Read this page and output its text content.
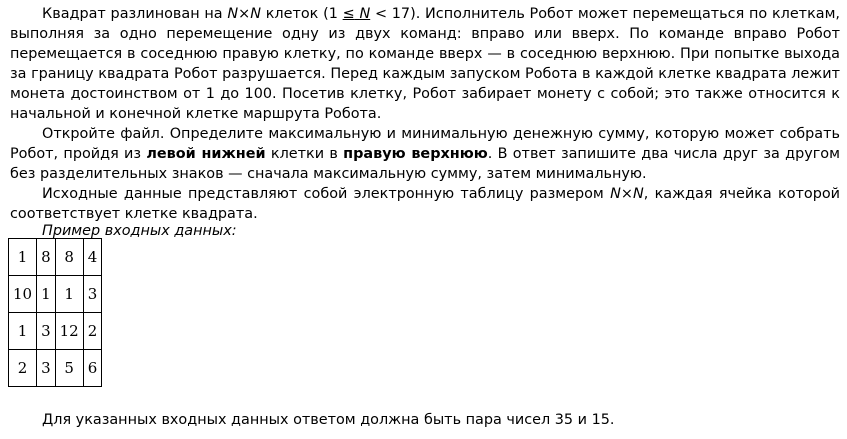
Квадрат разлинован на N×N клеток (1 ≤ N < 17). Исполнитель Робот может перемещаться по клеткам, выполняя за одно перемещение одну из двух команд: вправо или вверх. По команде вправо Робот перемещается в соседнюю правую клетку, по команде вверх — в соседнюю верхнюю. При попытке выхода за границу квадрата Робот разрушается. Перед каждым запуском Робота в каждой клетке квадрата лежит монета достоинством от 1 до 100. Посетив клетку, Робот забирает монету с собой; это также относится к начальной и конечной клетке маршрута Робота.

Откройте файл. Определите максимальную и минимальную денежную сумму, которую может собрать Робот, пройдя из левой нижней клетки в правую верхнюю. В ответ запишите два числа друг за другом без разделительных знаков — сначала максимальную сумму, затем минимальную.

Исходные данные представляют собой электронную таблицу размером N×N, каждая ячейка которой соответствует клетке квадрата.

Пример входных данных:

1	8	8	4
10	1	1	3
1	3	12	2
2	3	5	6

Для указанных входных данных ответом должна быть пара чисел 35 и 15.
